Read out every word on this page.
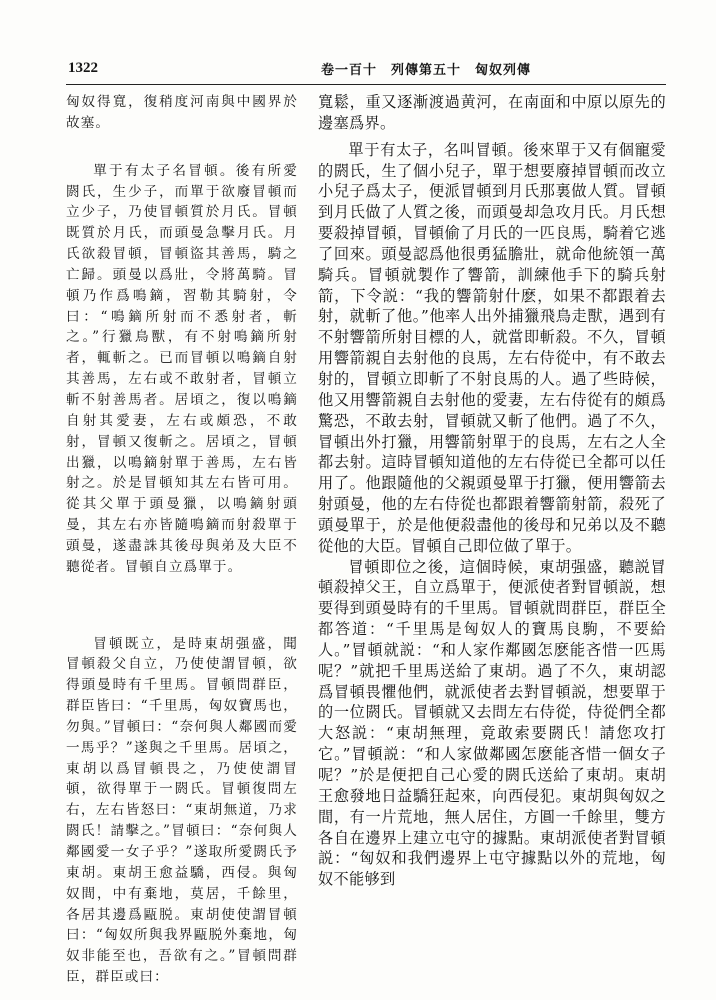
1322	卷一百十　列傳第五十　匈奴列傳

匈奴得寬，復稍度河南與中國界於故塞。

單于有太子名冒頓。後有所愛閼氏，生少子，而單于欲廢冒頓而立少子，乃使冒頓質於月氏。冒頓既質於月氏，而頭曼急擊月氏。月氏欲殺冒頓，冒頓盜其善馬，騎之亡歸。頭曼以爲壯，令將萬騎。冒頓乃作爲鳴鏑，習勒其騎射，令曰：“鳴鏑所射而不悉射者，斬之。”行獵鳥獸，有不射鳴鏑所射者，輒斬之。已而冒頓以鳴鏑自射其善馬，左右或不敢射者，冒頓立斬不射善馬者。居頃之，復以鳴鏑自射其愛妻，左右或頗恐，不敢射，冒頓又復斬之。居頃之，冒頓出獵，以鳴鏑射單于善馬，左右皆射之。於是冒頓知其左右皆可用。從其父單于頭曼獵，以鳴鏑射頭曼，其左右亦皆隨鳴鏑而射殺單于頭曼，遂盡誅其後母與弟及大臣不聽從者。冒頓自立爲單于。

冒頓既立，是時東胡强盛，聞冒頓殺父自立，乃使使謂冒頓，欲得頭曼時有千里馬。冒頓問群臣，群臣皆曰：“千里馬，匈奴寶馬也，勿與。”冒頓曰：“奈何與人鄰國而愛一馬乎？”遂與之千里馬。居頃之，東胡以爲冒頓畏之，乃使使謂冒頓，欲得單于一閼氏。冒頓復問左右，左右皆怒曰：“東胡無道，乃求閼氏！請擊之。”冒頓曰：“奈何與人鄰國愛一女子乎？”遂取所愛閼氏予東胡。東胡王愈益驕，西侵。與匈奴間，中有棄地，莫居，千餘里，各居其邊爲甌脱。東胡使使謂冒頓曰：“匈奴所與我界甌脱外棄地，匈奴非能至也，吾欲有之。”冒頓問群臣，群臣或曰：

寬鬆，重又逐漸渡過黄河，在南面和中原以原先的邊塞爲界。

單于有太子，名叫冒頓。後來單于又有個寵愛的閼氏，生了個小兒子，單于想要廢掉冒頓而改立小兒子爲太子，便派冒頓到月氏那裏做人質。冒頓到月氏做了人質之後，而頭曼却急攻月氏。月氏想要殺掉冒頓，冒頓偷了月氏的一匹良馬，騎着它逃了回來。頭曼認爲他很勇猛膽壯，就命他統領一萬騎兵。冒頓就製作了響箭，訓練他手下的騎兵射箭，下令説：“我的響箭射什麽，如果不都跟着去射，就斬了他。”他率人出外捕獵飛鳥走獸，遇到有不射響箭所射目標的人，就當即斬殺。不久，冒頓用響箭親自去射他的良馬，左右侍從中，有不敢去射的，冒頓立即斬了不射良馬的人。過了些時候，他又用響箭親自去射他的愛妻，左右侍從有的頗爲驚恐，不敢去射，冒頓就又斬了他們。過了不久，冒頓出外打獵，用響箭射單于的良馬，左右之人全都去射。這時冒頓知道他的左右侍從已全都可以任用了。他跟隨他的父親頭曼單于打獵，便用響箭去射頭曼，他的左右侍從也都跟着響箭射箭，殺死了頭曼單于，於是他便殺盡他的後母和兄弟以及不聽從他的大臣。冒頓自己即位做了單于。

冒頓即位之後，這個時候，東胡强盛，聽説冒頓殺掉父王，自立爲單于，便派使者對冒頓説，想要得到頭曼時有的千里馬。冒頓就問群臣，群臣全都答道：“千里馬是匈奴人的寶馬良駒，不要給人。”冒頓就説：“和人家作鄰國怎麽能吝惜一匹馬呢？”就把千里馬送給了東胡。過了不久，東胡認爲冒頓畏懼他們，就派使者去對冒頓説，想要單于的一位閼氏。冒頓就又去問左右侍從，侍從們全都大怒説：“東胡無理，竟敢索要閼氏！請您攻打它。”冒頓説：“和人家做鄰國怎麽能吝惜一個女子呢？”於是便把自己心愛的閼氏送給了東胡。東胡王愈發地日益驕狂起來，向西侵犯。東胡與匈奴之間，有一片荒地，無人居住，方圓一千餘里，雙方各自在邊界上建立屯守的據點。東胡派使者對冒頓説：“匈奴和我們邊界上屯守據點以外的荒地，匈奴不能够到
